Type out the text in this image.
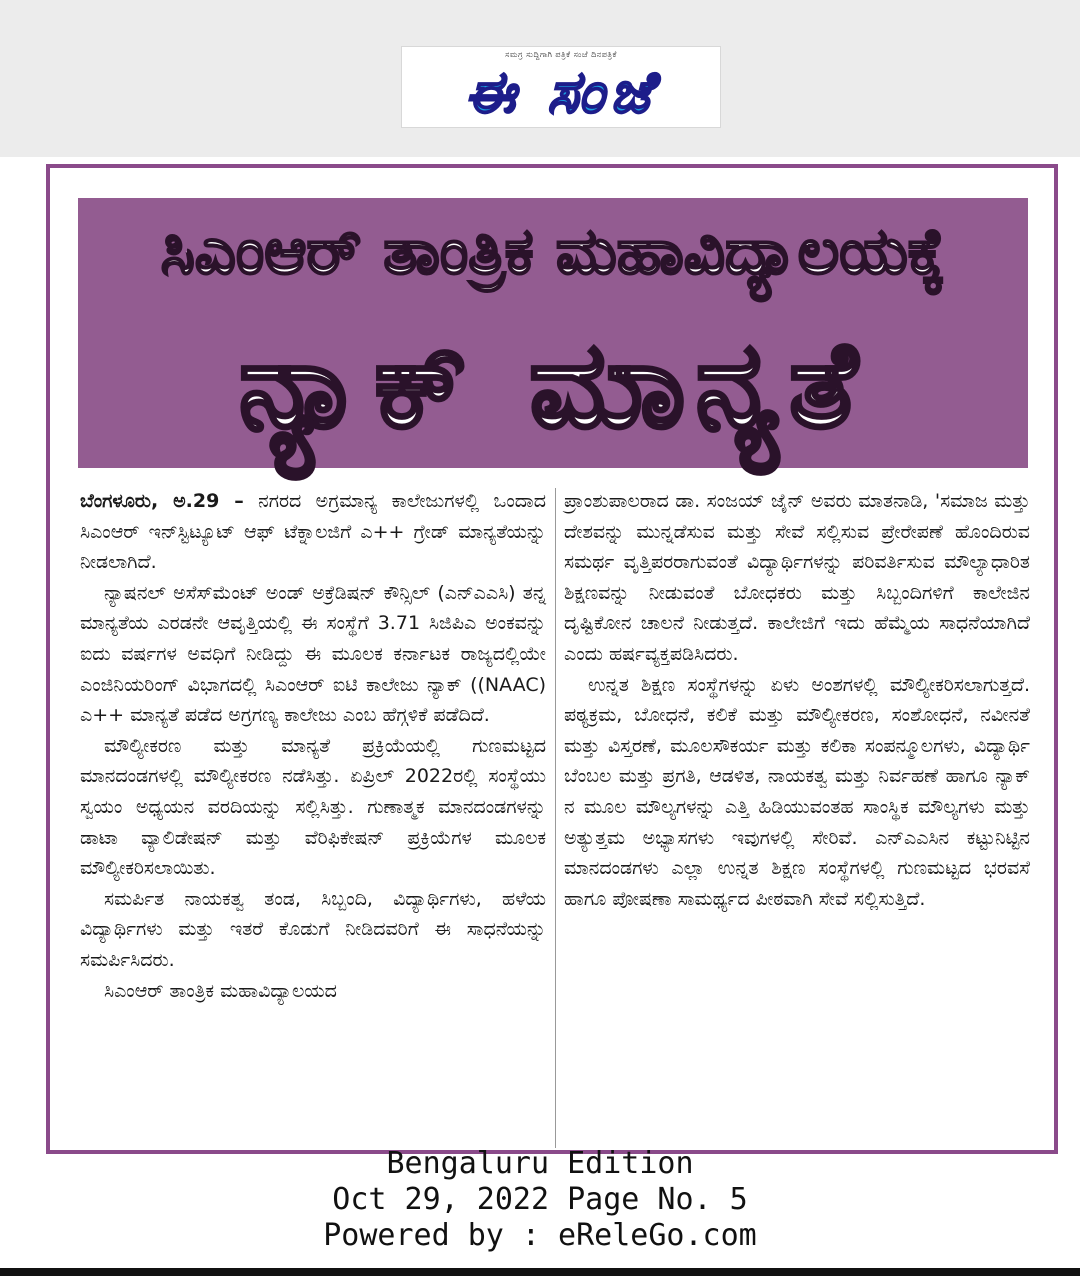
ಸಮಗ್ರ ಸುದ್ದಿಗಾಗಿ ಪತ್ರಿಕೆ ಸಂಜೆ ದಿನಪತ್ರಿಕೆ
ಈ ಸಂಜೆ
ಸಿಎಂಆರ್ ತಾಂತ್ರಿಕ ಮಹಾವಿದ್ಯಾಲಯಕ್ಕೆ
ನ್ಯಾಕ್ ಮಾನ್ಯತೆ

ಬೆಂಗಳೂರು, ಅ.29 – ನಗರದ ಅಗ್ರಮಾನ್ಯ ಕಾಲೇಜುಗಳಲ್ಲಿ ಒಂದಾದ ಸಿಎಂಆರ್ ಇನ್‌ಸ್ಟಿಟ್ಯೂಟ್ ಆಫ್ ಟೆಕ್ನಾಲಜಿಗೆ ಎ++ ಗ್ರೇಡ್ ಮಾನ್ಯತೆಯನ್ನು ನೀಡಲಾಗಿದೆ.

ನ್ಯಾಷನಲ್ ಅಸೆಸ್‌ಮೆಂಟ್ ಅಂಡ್ ಅಕ್ರೆಡಿಷನ್ ಕೌನ್ಸಿಲ್ (ಎನ್‌ಎಎಸಿ) ತನ್ನ ಮಾನ್ಯತೆಯ ಎರಡನೇ ಆವೃತ್ತಿಯಲ್ಲಿ ಈ ಸಂಸ್ಥೆಗೆ 3.71 ಸಿಜಿಪಿಎ ಅಂಕವನ್ನು ಐದು ವರ್ಷಗಳ ಅವಧಿಗೆ ನೀಡಿದ್ದು ಈ ಮೂಲಕ ಕರ್ನಾಟಕ ರಾಜ್ಯದಲ್ಲಿಯೇ ಎಂಜಿನಿಯರಿಂಗ್ ವಿಭಾಗದಲ್ಲಿ ಸಿಎಂಆರ್ ಐಟಿ ಕಾಲೇಜು ನ್ಯಾಕ್ ((NAAC) ಎ++ ಮಾನ್ಯತೆ ಪಡೆದ ಅಗ್ರಗಣ್ಯ ಕಾಲೇಜು ಎಂಬ ಹೆಗ್ಗಳಿಕೆ ಪಡೆದಿದೆ.

ಮೌಲ್ಯೀಕರಣ ಮತ್ತು ಮಾನ್ಯತೆ ಪ್ರಕ್ರಿಯೆಯಲ್ಲಿ ಗುಣಮಟ್ಟದ ಮಾನದಂಡಗಳಲ್ಲಿ ಮೌಲ್ಯೀಕರಣ ನಡೆಸಿತ್ತು. ಏಪ್ರಿಲ್ 2022ರಲ್ಲಿ ಸಂಸ್ಥೆಯು ಸ್ವಯಂ ಅಧ್ಯಯನ ವರದಿಯನ್ನು ಸಲ್ಲಿಸಿತ್ತು. ಗುಣಾತ್ಮಕ ಮಾನದಂಡಗಳನ್ನು ಡಾಟಾ ವ್ಯಾಲಿಡೇಷನ್ ಮತ್ತು ವೆರಿಫಿಕೇಷನ್ ಪ್ರಕ್ರಿಯೆಗಳ ಮೂಲಕ ಮೌಲ್ಯೀಕರಿಸಲಾಯಿತು.

ಸಮರ್ಪಿತ ನಾಯಕತ್ವ ತಂಡ, ಸಿಬ್ಬಂದಿ, ವಿದ್ಯಾರ್ಥಿಗಳು, ಹಳೆಯ ವಿದ್ಯಾರ್ಥಿಗಳು ಮತ್ತು ಇತರೆ ಕೊಡುಗೆ ನೀಡಿದವರಿಗೆ ಈ ಸಾಧನೆಯನ್ನು ಸಮರ್ಪಿಸಿದರು.

ಸಿಎಂಆರ್ ತಾಂತ್ರಿಕ ಮಹಾವಿದ್ಯಾಲಯದ

ಪ್ರಾಂಶುಪಾಲರಾದ ಡಾ. ಸಂಜಯ್ ಜೈನ್ ಅವರು ಮಾತನಾಡಿ, 'ಸಮಾಜ ಮತ್ತು ದೇಶವನ್ನು ಮುನ್ನಡೆಸುವ ಮತ್ತು ಸೇವೆ ಸಲ್ಲಿಸುವ ಪ್ರೇರೇಪಣೆ ಹೊಂದಿರುವ ಸಮರ್ಥ ವೃತ್ತಿಪರರಾಗುವಂತೆ ವಿದ್ಯಾರ್ಥಿಗಳನ್ನು ಪರಿವರ್ತಿಸುವ ಮೌಲ್ಯಾಧಾರಿತ ಶಿಕ್ಷಣವನ್ನು ನೀಡುವಂತೆ ಬೋಧಕರು ಮತ್ತು ಸಿಬ್ಬಂದಿಗಳಿಗೆ ಕಾಲೇಜಿನ ದೃಷ್ಟಿಕೋನ ಚಾಲನೆ ನೀಡುತ್ತದೆ. ಕಾಲೇಜಿಗೆ ಇದು ಹೆಮ್ಮೆಯ ಸಾಧನೆಯಾಗಿದೆ ಎಂದು ಹರ್ಷವ್ಯಕ್ತಪಡಿಸಿದರು.

ಉನ್ನತ ಶಿಕ್ಷಣ ಸಂಸ್ಥೆಗಳನ್ನು ಏಳು ಅಂಶಗಳಲ್ಲಿ ಮೌಲ್ಯೀಕರಿಸಲಾಗುತ್ತದೆ. ಪಠ್ಯಕ್ರಮ, ಬೋಧನೆ, ಕಲಿಕೆ ಮತ್ತು ಮೌಲ್ಯೀಕರಣ, ಸಂಶೋಧನೆ, ನವೀನತೆ ಮತ್ತು ವಿಸ್ತರಣೆ, ಮೂಲಸೌಕರ್ಯ ಮತ್ತು ಕಲಿಕಾ ಸಂಪನ್ಮೂಲಗಳು, ವಿದ್ಯಾರ್ಥಿ ಬೆಂಬಲ ಮತ್ತು ಪ್ರಗತಿ, ಆಡಳಿತ, ನಾಯಕತ್ವ ಮತ್ತು ನಿರ್ವಹಣೆ ಹಾಗೂ ನ್ಯಾಕ್ ನ ಮೂಲ ಮೌಲ್ಯಗಳನ್ನು ಎತ್ತಿ ಹಿಡಿಯುವಂತಹ ಸಾಂಸ್ಥಿಕ ಮೌಲ್ಯಗಳು ಮತ್ತು ಅತ್ಯುತ್ತಮ ಅಭ್ಯಾಸಗಳು ಇವುಗಳಲ್ಲಿ ಸೇರಿವೆ. ಎನ್‌ಎಎಸಿನ ಕಟ್ಟುನಿಟ್ಟಿನ ಮಾನದಂಡಗಳು ಎಲ್ಲಾ ಉನ್ನತ ಶಿಕ್ಷಣ ಸಂಸ್ಥೆಗಳಲ್ಲಿ ಗುಣಮಟ್ಟದ ಭರವಸೆ ಹಾಗೂ ಪೋಷಣಾ ಸಾಮರ್ಥ್ಯದ ಪೀಠವಾಗಿ ಸೇವೆ ಸಲ್ಲಿಸುತ್ತಿದೆ.

Bengaluru Edition
Oct 29, 2022 Page No. 5
Powered by : eReleGo.com
